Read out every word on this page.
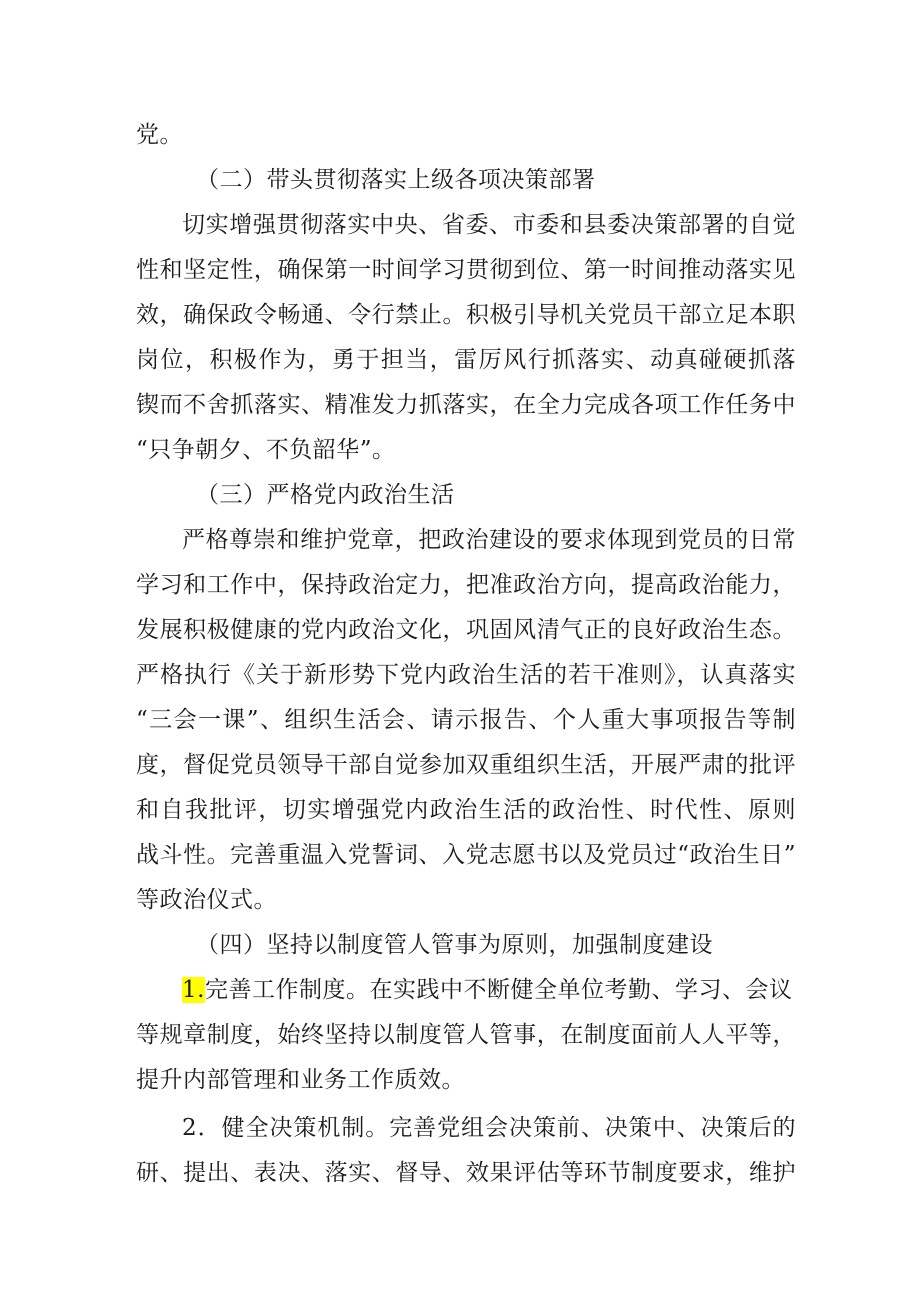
党。
（二）带头贯彻落实上级各项决策部署
切实增强贯彻落实中央、省委、市委和县委决策部署的自觉
性和坚定性，确保第一时间学习贯彻到位、第一时间推动落实见
效，确保政令畅通、令行禁止。积极引导机关党员干部立足本职
岗位，积极作为，勇于担当，雷厉风行抓落实、动真碰硬抓落
锲而不舍抓落实、精准发力抓落实，在全力完成各项工作任务中
“只争朝夕、不负韶华”。
（三）严格党内政治生活
严格尊崇和维护党章，把政治建设的要求体现到党员的日常
学习和工作中，保持政治定力，把准政治方向，提高政治能力，
发展积极健康的党内政治文化，巩固风清气正的良好政治生态。
严格执行《关于新形势下党内政治生活的若干准则》，认真落实
“三会一课”、组织生活会、请示报告、个人重大事项报告等制
度，督促党员领导干部自觉参加双重组织生活，开展严肃的批评
和自我批评，切实增强党内政治生活的政治性、时代性、原则
战斗性。完善重温入党誓词、入党志愿书以及党员过“政治生日”
等政治仪式。
（四）坚持以制度管人管事为原则，加强制度建设
1.完善工作制度。在实践中不断健全单位考勤、学习、会议
等规章制度，始终坚持以制度管人管事，在制度面前人人平等，
提升内部管理和业务工作质效。
2．健全决策机制。完善党组会决策前、决策中、决策后的
研、提出、表决、落实、督导、效果评估等环节制度要求，维护
